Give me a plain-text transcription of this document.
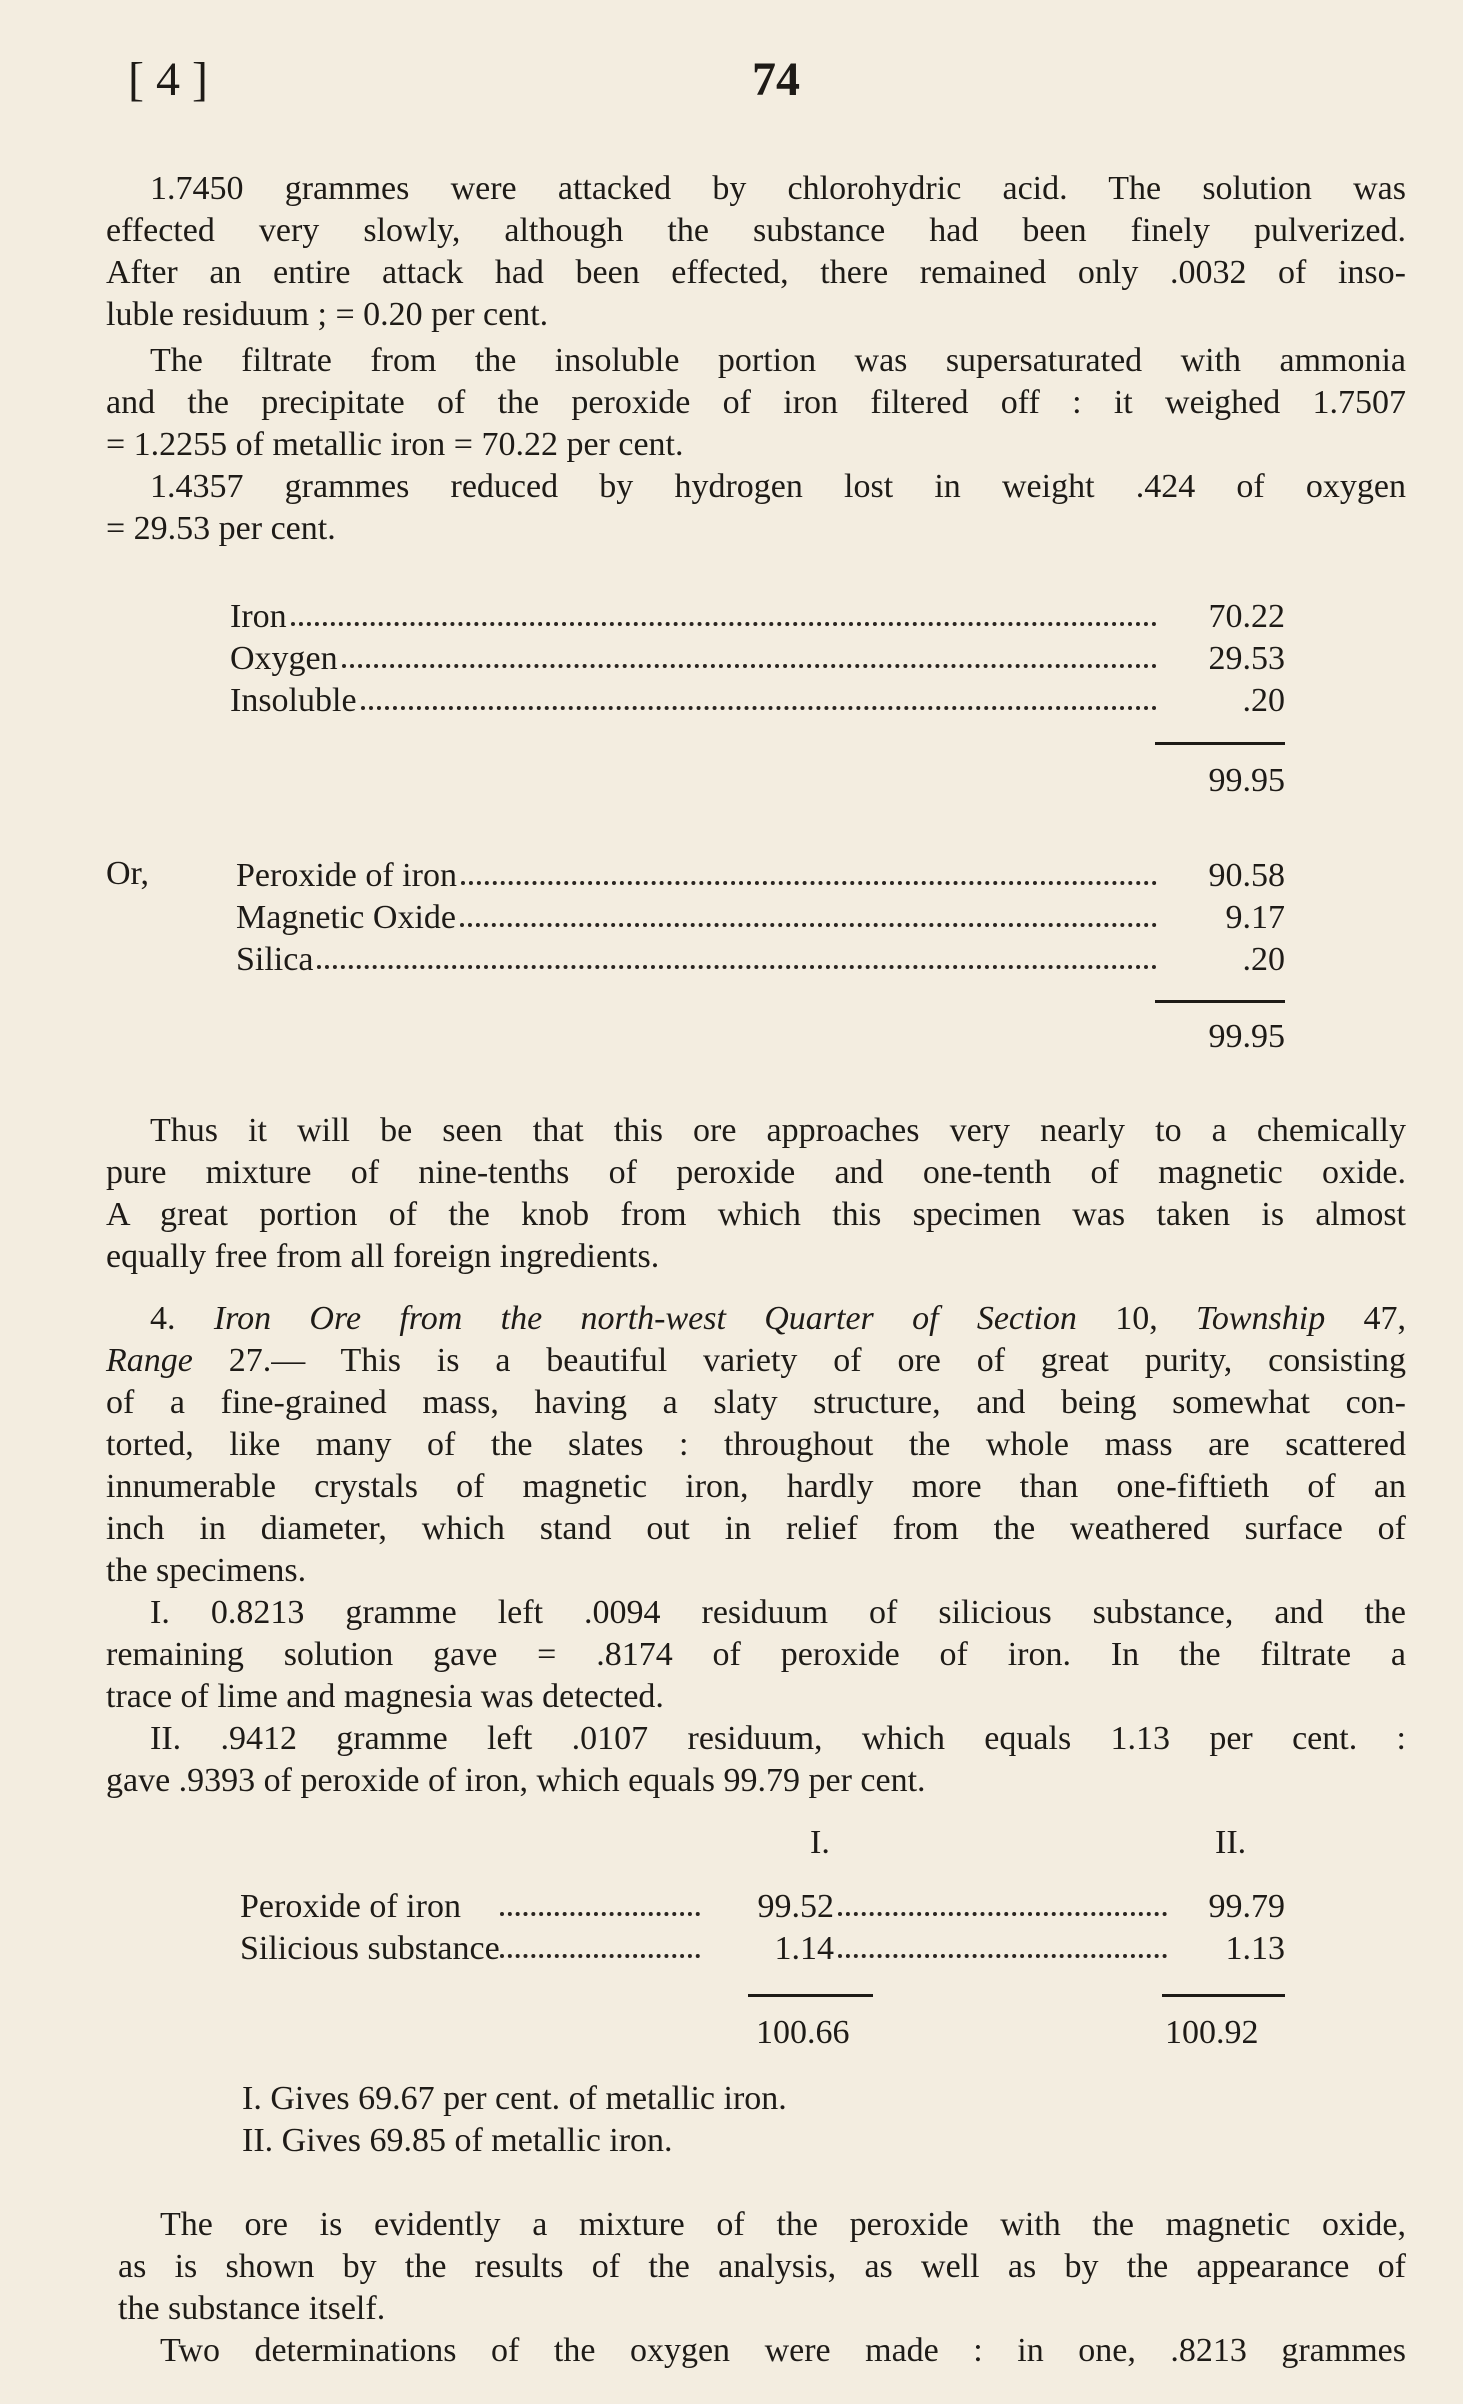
[ 4 ]	74
1.7450 grammes were attacked by chlorohydric acid. The solution was
effected very slowly, although the substance had been finely pulverized.
After an entire attack had been effected, there remained only .0032 of inso-
luble residuum ; = 0.20 per cent.
The filtrate from the insoluble portion was supersaturated with ammonia
and the precipitate of the peroxide of iron filtered off : it weighed 1.7507
= 1.2255 of metallic iron = 70.22 per cent.
1.4357 grammes reduced by hydrogen lost in weight .424 of oxygen
= 29.53 per cent.
Iron	70.22
Oxygen	29.53
Insoluble	.20
99.95
Or,	Peroxide of iron	90.58
Magnetic Oxide	9.17
Silica	.20
99.95
Thus it will be seen that this ore approaches very nearly to a chemically
pure mixture of nine-tenths of peroxide and one-tenth of magnetic oxide.
A great portion of the knob from which this specimen was taken is almost
equally free from all foreign ingredients.
4. Iron Ore from the north-west Quarter of Section 10, Township 47,
Range 27.— This is a beautiful variety of ore of great purity, consisting
of a fine-grained mass, having a slaty structure, and being somewhat con-
torted, like many of the slates : throughout the whole mass are scattered
innumerable crystals of magnetic iron, hardly more than one-fiftieth of an
inch in diameter, which stand out in relief from the weathered surface of
the specimens.
I. 0.8213 gramme left .0094 residuum of silicious substance, and the
remaining solution gave = .8174 of peroxide of iron. In the filtrate a
trace of lime and magnesia was detected.
II. .9412 gramme left .0107 residuum, which equals 1.13 per cent. :
gave .9393 of peroxide of iron, which equals 99.79 per cent.
I.	II.
Peroxide of iron	99.52	99.79
Silicious substance	1.14	1.13
100.66	100.92
I. Gives 69.67 per cent. of metallic iron.
II. Gives 69.85 of metallic iron.
The ore is evidently a mixture of the peroxide with the magnetic oxide,
as is shown by the results of the analysis, as well as by the appearance of
the substance itself.
Two determinations of the oxygen were made : in one, .8213 grammes
